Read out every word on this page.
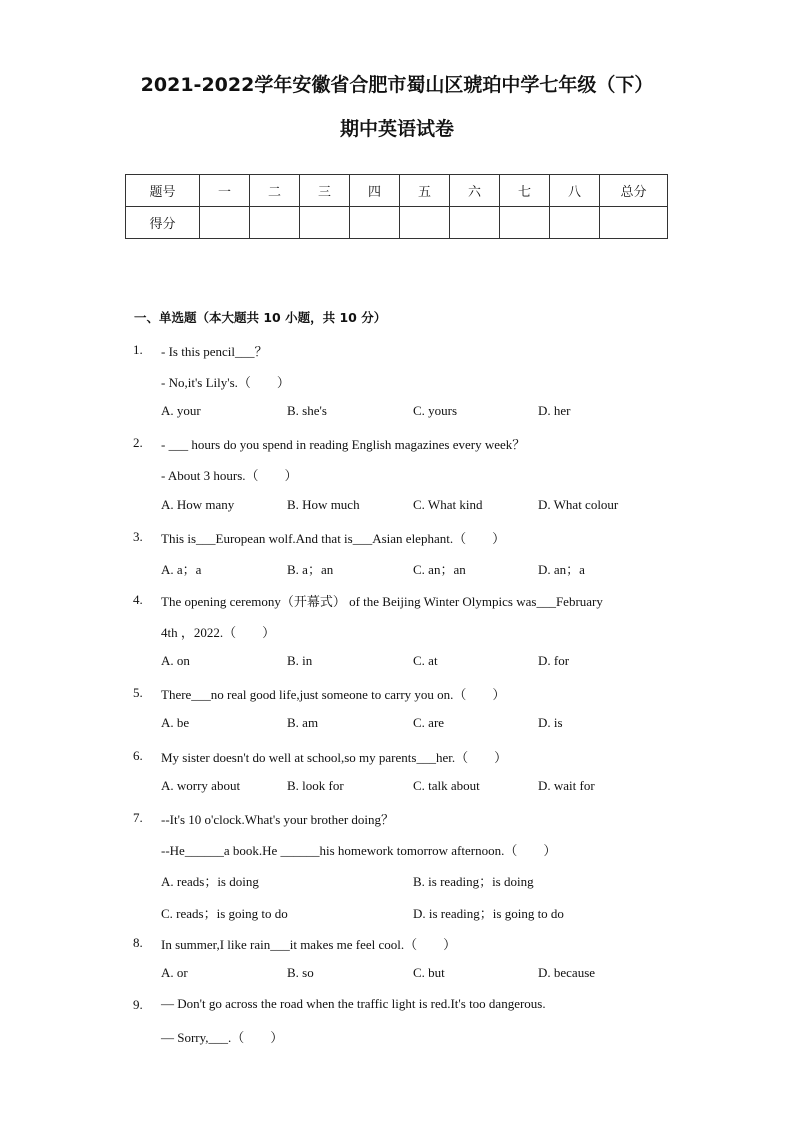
2021-2022学年安徽省合肥市蜀山区琥珀中学七年级（下）
期中英语试卷
题号	一	二	三	四	五	六	七	八	总分
得分									
一、单选题（本大题共 10 小题，共 10 分）
1. - Is this pencil___？
- No,it's Lily's.（　　）
A. your	B. she's	C. yours	D. her
2. - ___ hours do you spend in reading English magazines every week？
- About 3 hours.（　　）
A. How many	B. How much	C. What kind	D. What colour
3. This is___European wolf.And that is___Asian elephant.（　　）
A. a；a	B. a；an	C. an；an	D. an；a
4. The opening ceremony（开幕式） of the Beijing Winter Olympics was___February
4th ，2022.（　　）
A. on	B. in	C. at	D. for
5. There___no real good life,just someone to carry you on.（　　）
A. be	B. am	C. are	D. is
6. My sister doesn't do well at school,so my parents___her.（　　）
A. worry about	B. look for	C. talk about	D. wait for
7. --It's 10 o'clock.What's your brother doing？
--He______a book.He ______his homework tomorrow afternoon.（　　）
A. reads；is doing	B. is reading；is doing
C. reads；is going to do	D. is reading；is going to do
8. In summer,I like rain___it makes me feel cool.（　　）
A. or	B. so	C. but	D. because
9. — Don't go across the road when the traffic light is red.It's too dangerous.
— Sorry,___.（　　）
